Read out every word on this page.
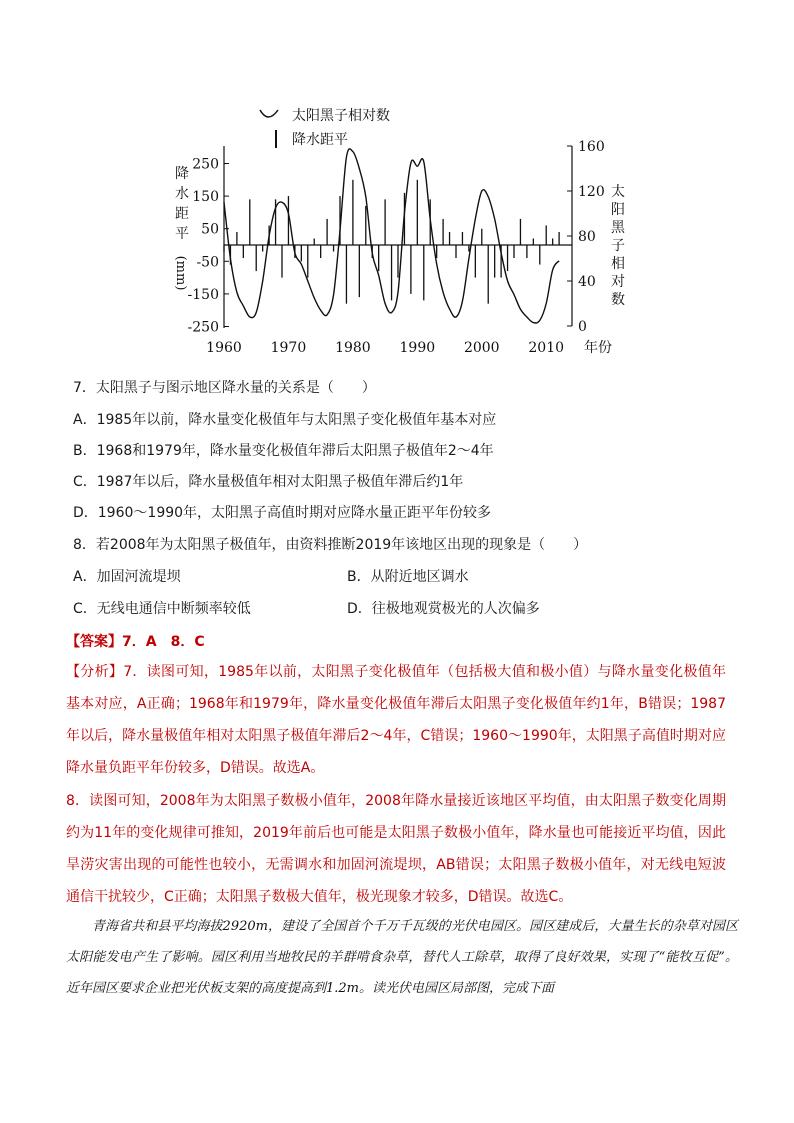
太阳黑子相对数
降水距平
250
150
50
-50
-150
-250
160
120
80
40
0
1960 1970 1980 1990 2000 2010
降
水
距
平
(mm)
太
阳
黑
子
相
对
数
年份
7．太阳黑子与图示地区降水量的关系是（　　）
A．1985年以前，降水量变化极值年与太阳黑子变化极值年基本对应
B．1968和1979年，降水量变化极值年滞后太阳黑子极值年2～4年
C．1987年以后，降水量极值年相对太阳黑子极值年滞后约1年
D．1960～1990年，太阳黑子高值时期对应降水量正距平年份较多
8．若2008年为太阳黑子极值年，由资料推断2019年该地区出现的现象是（　　）
A．加固河流堤坝	B．从附近地区调水
C．无线电通信中断频率较低	D．往极地观赏极光的人次偏多
【答案】7．A　8．C
【分析】7．读图可知，1985年以前，太阳黑子变化极值年（包括极大值和极小值）与降水量变化极值年基本对应，A正确；1968年和1979年，降水量变化极值年滞后太阳黑子变化极值年约1年，B错误；1987年以后，降水量极值年相对太阳黑子极值年滞后2～4年，C错误；1960～1990年，太阳黑子高值时期对应降水量负距平年份较多，D错误。故选A。
8．读图可知，2008年为太阳黑子数极小值年，2008年降水量接近该地区平均值，由太阳黑子数变化周期约为11年的变化规律可推知，2019年前后也可能是太阳黑子数极小值年，降水量也可能接近平均值，因此旱涝灾害出现的可能性也较小，无需调水和加固河流堤坝，AB错误；太阳黑子数极小值年，对无线电短波通信干扰较少，C正确；太阳黑子数极大值年，极光现象才较多，D错误。故选C。
青海省共和县平均海拔2920m，建设了全国首个千万千瓦级的光伏电园区。园区建成后，大量生长的杂草对园区太阳能发电产生了影响。园区利用当地牧民的羊群啃食杂草，替代人工除草，取得了良好效果，实现了“能牧互促”。近年园区要求企业把光伏板支架的高度提高到1.2m。读光伏电园区局部图，完成下面
